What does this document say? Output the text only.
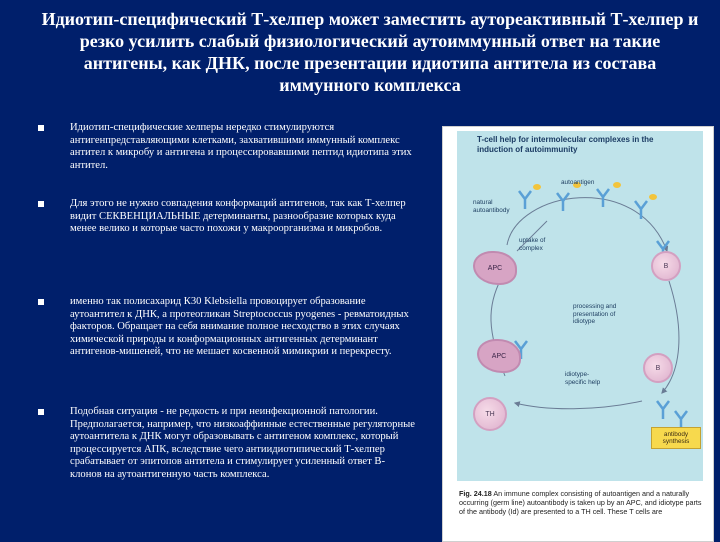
Идиотип-специфический Т-хелпер может заместить аутореактивный Т-хелпер и резко усилить слабый физиологический аутоиммунный ответ на такие антигены, как ДНК, после презентации идиотипа антитела из состава иммунного комплекса
Идиотип-специфические хелперы нередко стимулируются антигенпредставляющими клетками, захватившими иммунный комплекс антител к микробу и антигена и процессировавшими пептид идиотипа этих антител.
Для этого не нужно совпадения конформаций антигенов, так как Т-хелпер видит СЕКВЕНЦИАЛЬНЫЕ детерминанты, разнообразие которых куда менее велико и которые часто похожи у макроорганизма и микробов.
именно так полисахарид К30 Klebsiella провоцирует образование аутоантител к ДНК, а протеогликан Streptococcus pyogenes - ревматоидных факторов. Обращает на себя внимание полное несходство в этих случаях химической природы и конформационных антигенных детерминант антигенов-мишеней, что не мешает косвенной мимикрии и перекресту.
Подобная ситуация - не редкость и при неинфекционной патологии. Предполагается, например, что низкоаффинные естественные регуляторные аутоантитела к ДНК могут образовывать с антигеном комплекс, который процессируется АПК, вследствие чего антиидиотипический Т-хелпер срабатывает от эпитопов антитела и стимулирует усиленный ответ В-клонов на аутоантигенную часть комплекса.
T-cell help for intermolecular complexes in the induction of autoimmunity
autoantigen
natural autoantibody
uptake of complex
APC	B
processing and presentation of idiotype
APC
B
idiotype-specific help
TH
antibody synthesis
Fig. 24.18 An immune complex consisting of autoantigen and a naturally occurring (germ line) autoantibody is taken up by an APC, and idiotype parts of the antibody (Id) are presented to a TH cell. These T cells are
